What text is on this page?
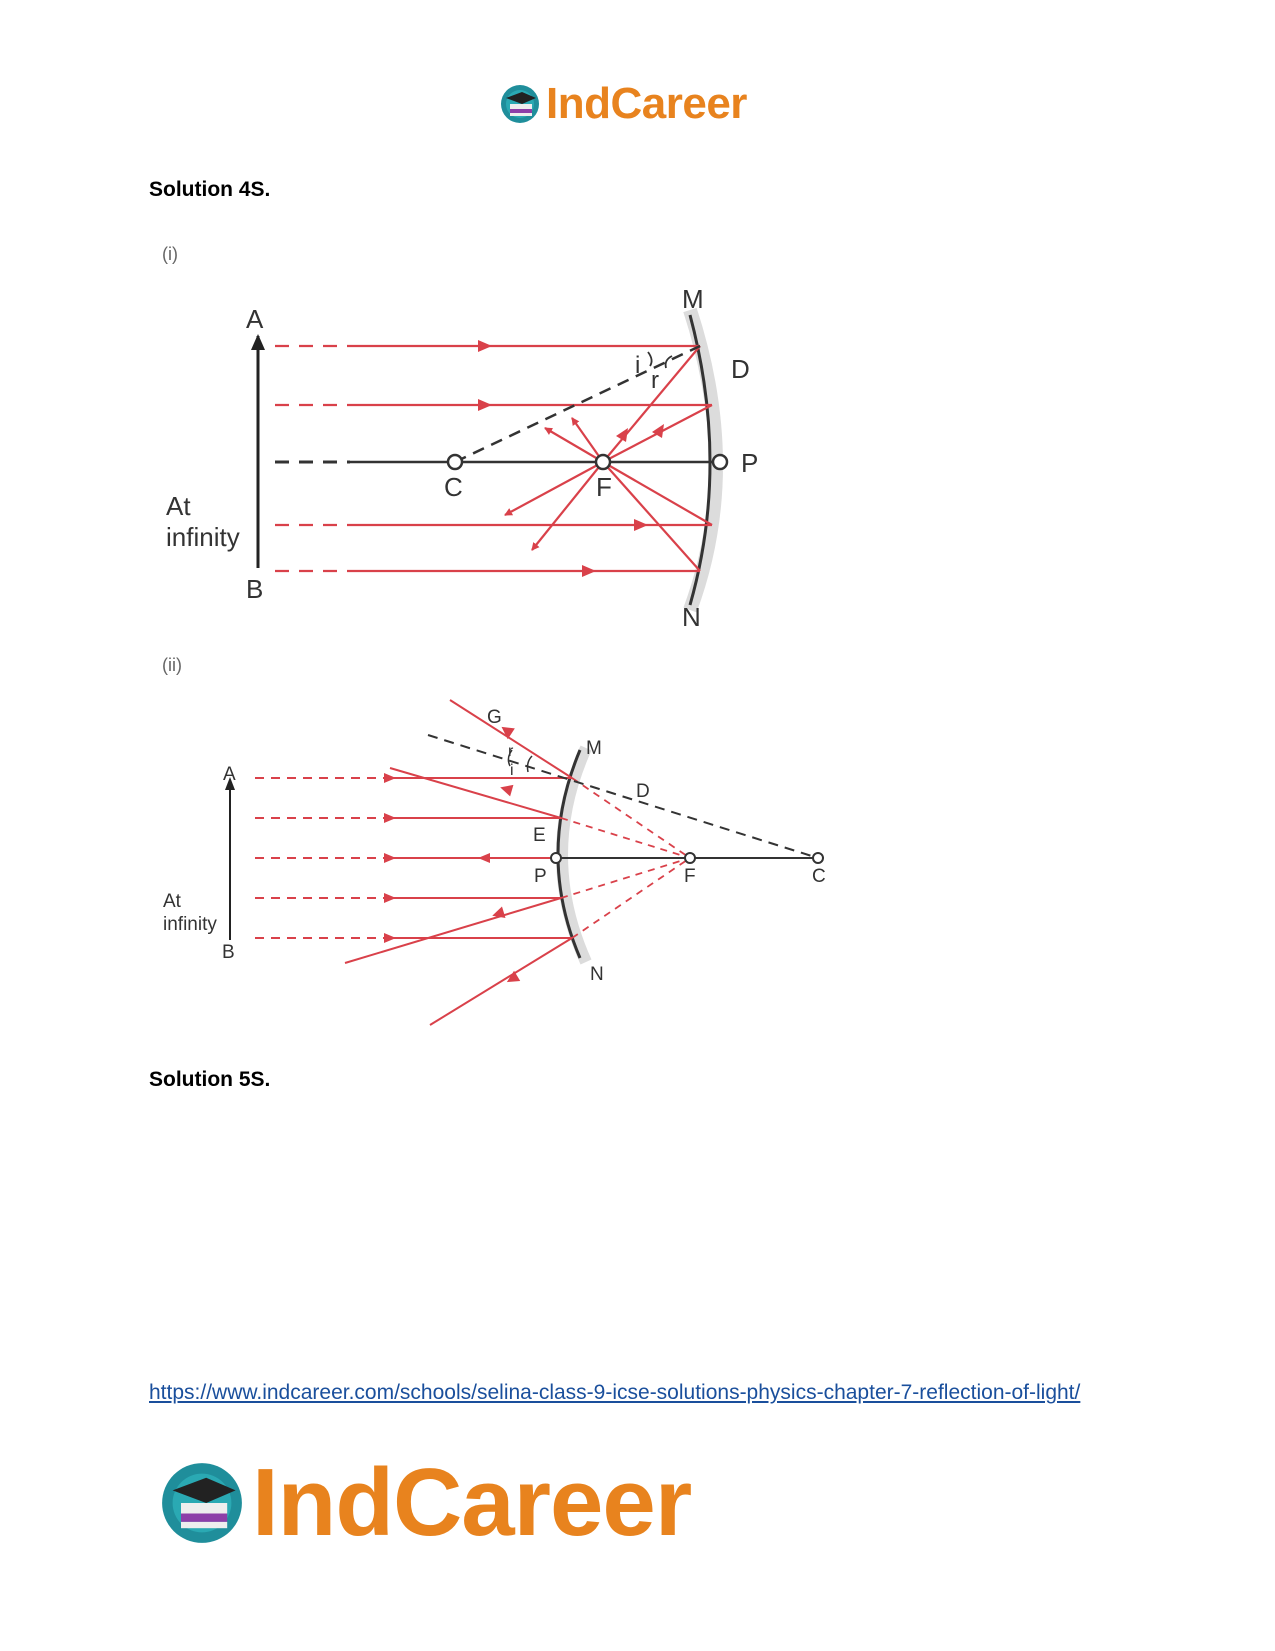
IndCareer
Solution 4S.
(i)
A
B
M
N
D
P
C	F
i
r
At
infinity
(ii)
A
B
G
M
N
D
E
P	F	C
i
r
At
infinity
Solution 5S.
https://www.indcareer.com/schools/selina-class-9-icse-solutions-physics-chapter-7-reflection-of-light/
IndCareer
